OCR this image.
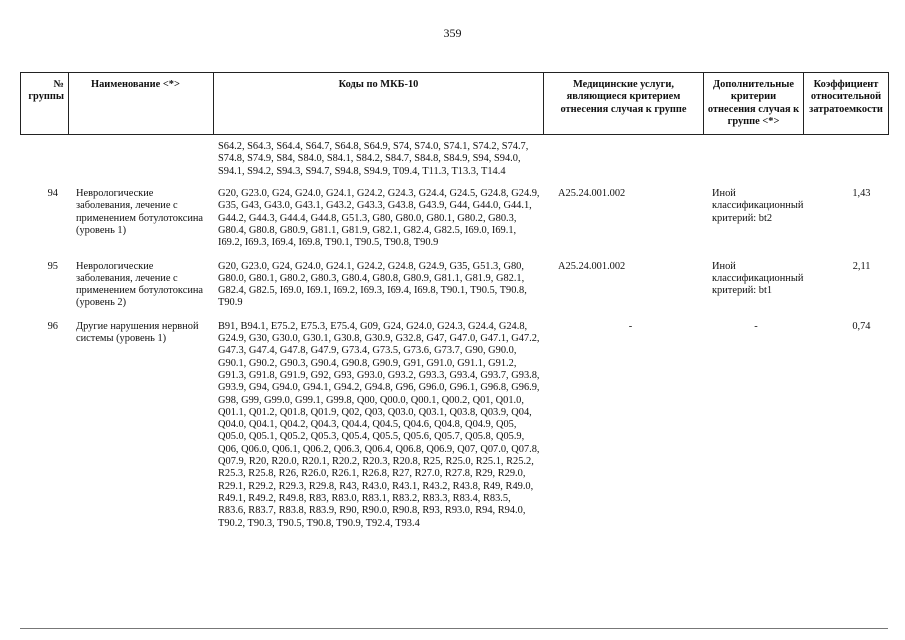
359
№ группы	Наименование <*>	Коды по МКБ-10	Медицинские услуги, являющиеся критерием отнесения случая к группе	Дополнительные критерии отнесения случая к группе <*>	Коэффициент относительной затратоемкости
		S64.2, S64.3, S64.4, S64.7, S64.8, S64.9, S74, S74.0, S74.1, S74.2, S74.7, S74.8, S74.9, S84, S84.0, S84.1, S84.2, S84.7, S84.8, S84.9, S94, S94.0, S94.1, S94.2, S94.3, S94.7, S94.8, S94.9, T09.4, T11.3, T13.3, T14.4			
94	Неврологические заболевания, лечение с применением ботулотоксина (уровень 1)	G20, G23.0, G24, G24.0, G24.1, G24.2, G24.3, G24.4, G24.5, G24.8, G24.9, G35, G43, G43.0, G43.1, G43.2, G43.3, G43.8, G43.9, G44, G44.0, G44.1, G44.2, G44.3, G44.4, G44.8, G51.3, G80, G80.0, G80.1, G80.2, G80.3, G80.4, G80.8, G80.9, G81.1, G81.9, G82.1, G82.4, G82.5, I69.0, I69.1, I69.2, I69.3, I69.4, I69.8, T90.1, T90.5, T90.8, T90.9	A25.24.001.002	Иной классификационный критерий: bt2	1,43
95	Неврологические заболевания, лечение с применением ботулотоксина (уровень 2)	G20, G23.0, G24, G24.0, G24.1, G24.2, G24.8, G24.9, G35, G51.3, G80, G80.0, G80.1, G80.2, G80.3, G80.4, G80.8, G80.9, G81.1, G81.9, G82.1, G82.4, G82.5, I69.0, I69.1, I69.2, I69.3, I69.4, I69.8, T90.1, T90.5, T90.8, T90.9	A25.24.001.002	Иной классификационный критерий: bt1	2,11
96	Другие нарушения нервной системы (уровень 1)	B91, B94.1, E75.2, E75.3, E75.4, G09, G24, G24.0, G24.3, G24.4, G24.8, G24.9, G30, G30.0, G30.1, G30.8, G30.9, G32.8, G47, G47.0, G47.1, G47.2, G47.3, G47.4, G47.8, G47.9, G73.4, G73.5, G73.6, G73.7, G90, G90.0, G90.1, G90.2, G90.3, G90.4, G90.8, G90.9, G91, G91.0, G91.1, G91.2, G91.3, G91.8, G91.9, G92, G93, G93.0, G93.2, G93.3, G93.4, G93.7, G93.8, G93.9, G94, G94.0, G94.1, G94.2, G94.8, G96, G96.0, G96.1, G96.8, G96.9, G98, G99, G99.0, G99.1, G99.8, Q00, Q00.0, Q00.1, Q00.2, Q01, Q01.0, Q01.1, Q01.2, Q01.8, Q01.9, Q02, Q03, Q03.0, Q03.1, Q03.8, Q03.9, Q04, Q04.0, Q04.1, Q04.2, Q04.3, Q04.4, Q04.5, Q04.6, Q04.8, Q04.9, Q05, Q05.0, Q05.1, Q05.2, Q05.3, Q05.4, Q05.5, Q05.6, Q05.7, Q05.8, Q05.9, Q06, Q06.0, Q06.1, Q06.2, Q06.3, Q06.4, Q06.8, Q06.9, Q07, Q07.0, Q07.8, Q07.9, R20, R20.0, R20.1, R20.2, R20.3, R20.8, R25, R25.0, R25.1, R25.2, R25.3, R25.8, R26, R26.0, R26.1, R26.8, R27, R27.0, R27.8, R29, R29.0, R29.1, R29.2, R29.3, R29.8, R43, R43.0, R43.1, R43.2, R43.8, R49, R49.0, R49.1, R49.2, R49.8, R83, R83.0, R83.1, R83.2, R83.3, R83.4, R83.5, R83.6, R83.7, R83.8, R83.9, R90, R90.0, R90.8, R93, R93.0, R94, R94.0, T90.2, T90.3, T90.5, T90.8, T90.9, T92.4, T93.4	-	-	0,74
